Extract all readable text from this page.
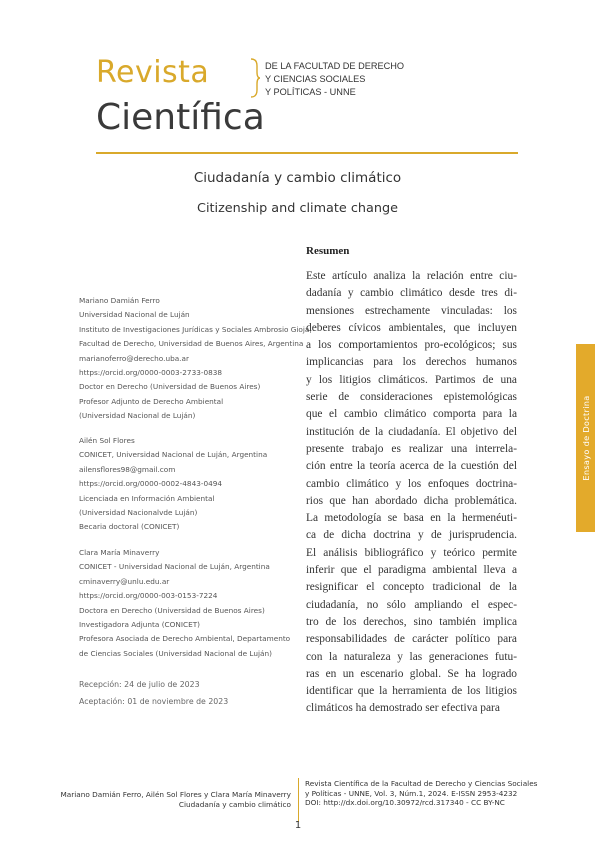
Revista	DE LA FACULTAD DE DERECHO
Y CIENCIAS SOCIALES
Y POLÍTICAS - UNNE
Científica
Ciudadanía y cambio climático
Citizenship and climate change
Mariano Damián Ferro
Universidad Nacional de Luján
Instituto de Investigaciones Jurídicas y Sociales Ambrosio Gioja,
Facultad de Derecho, Universidad de Buenos Aires, Argentina
marianoferro@derecho.uba.ar
https://orcid.org/0000-0003-2733-0838
Doctor en Derecho (Universidad de Buenos Aires)
Profesor Adjunto de Derecho Ambiental
(Universidad Nacional de Luján)
Ailén Sol Flores
CONICET, Universidad Nacional de Luján, Argentina
ailensflores98@gmail.com
https://orcid.org/0000-0002-4843-0494
Licenciada en Información Ambiental
(Universidad Nacionalvde Luján)
Becaria doctoral (CONICET)
Clara María Minaverry
CONICET - Universidad Nacional de Luján, Argentina
cminaverry@unlu.edu.ar
https://orcid.org/0000-003-0153-7224
Doctora en Derecho (Universidad de Buenos Aires)
Investigadora Adjunta (CONICET)
Profesora Asociada de Derecho Ambiental, Departamento
de Ciencias Sociales (Universidad Nacional de Luján)
Recepción: 24 de julio de 2023
Aceptación: 01 de noviembre de 2023
Resumen
Este artículo analiza la relación entre ciu-
dadanía y cambio climático desde tres di-
mensiones estrechamente vinculadas: los
deberes cívicos ambientales, que incluyen
a los comportamientos pro-ecológicos; sus
implicancias para los derechos humanos
y los litigios climáticos. Partimos de una
serie de consideraciones epistemológicas
que el cambio climático comporta para la
institución de la ciudadanía. El objetivo del
presente trabajo es realizar una interrela-
ción entre la teoría acerca de la cuestión del
cambio climático y los enfoques doctrina-
rios que han abordado dicha problemática.
La metodología se basa en la hermenéuti-
ca de dicha doctrina y de jurisprudencia.
El análisis bibliográfico y teórico permite
inferir que el paradigma ambiental lleva a
resignificar el concepto tradicional de la
ciudadanía, no sólo ampliando el espec-
tro de los derechos, sino también implica
responsabilidades de carácter político para
con la naturaleza y las generaciones futu-
ras en un escenario global. Se ha logrado
identificar que la herramienta de los litigios
climáticos ha demostrado ser efectiva para
Ensayo de Doctrina
Mariano Damián Ferro, Ailén Sol Flores y Clara María Minaverry
Ciudadanía y cambio climático
Revista Científica de la Facultad de Derecho y Ciencias Sociales
y Políticas - UNNE, Vol. 3, Núm.1, 2024. E-ISSN 2953-4232
DOI: http://dx.doi.org/10.30972/rcd.317340 - CC BY-NC
1
